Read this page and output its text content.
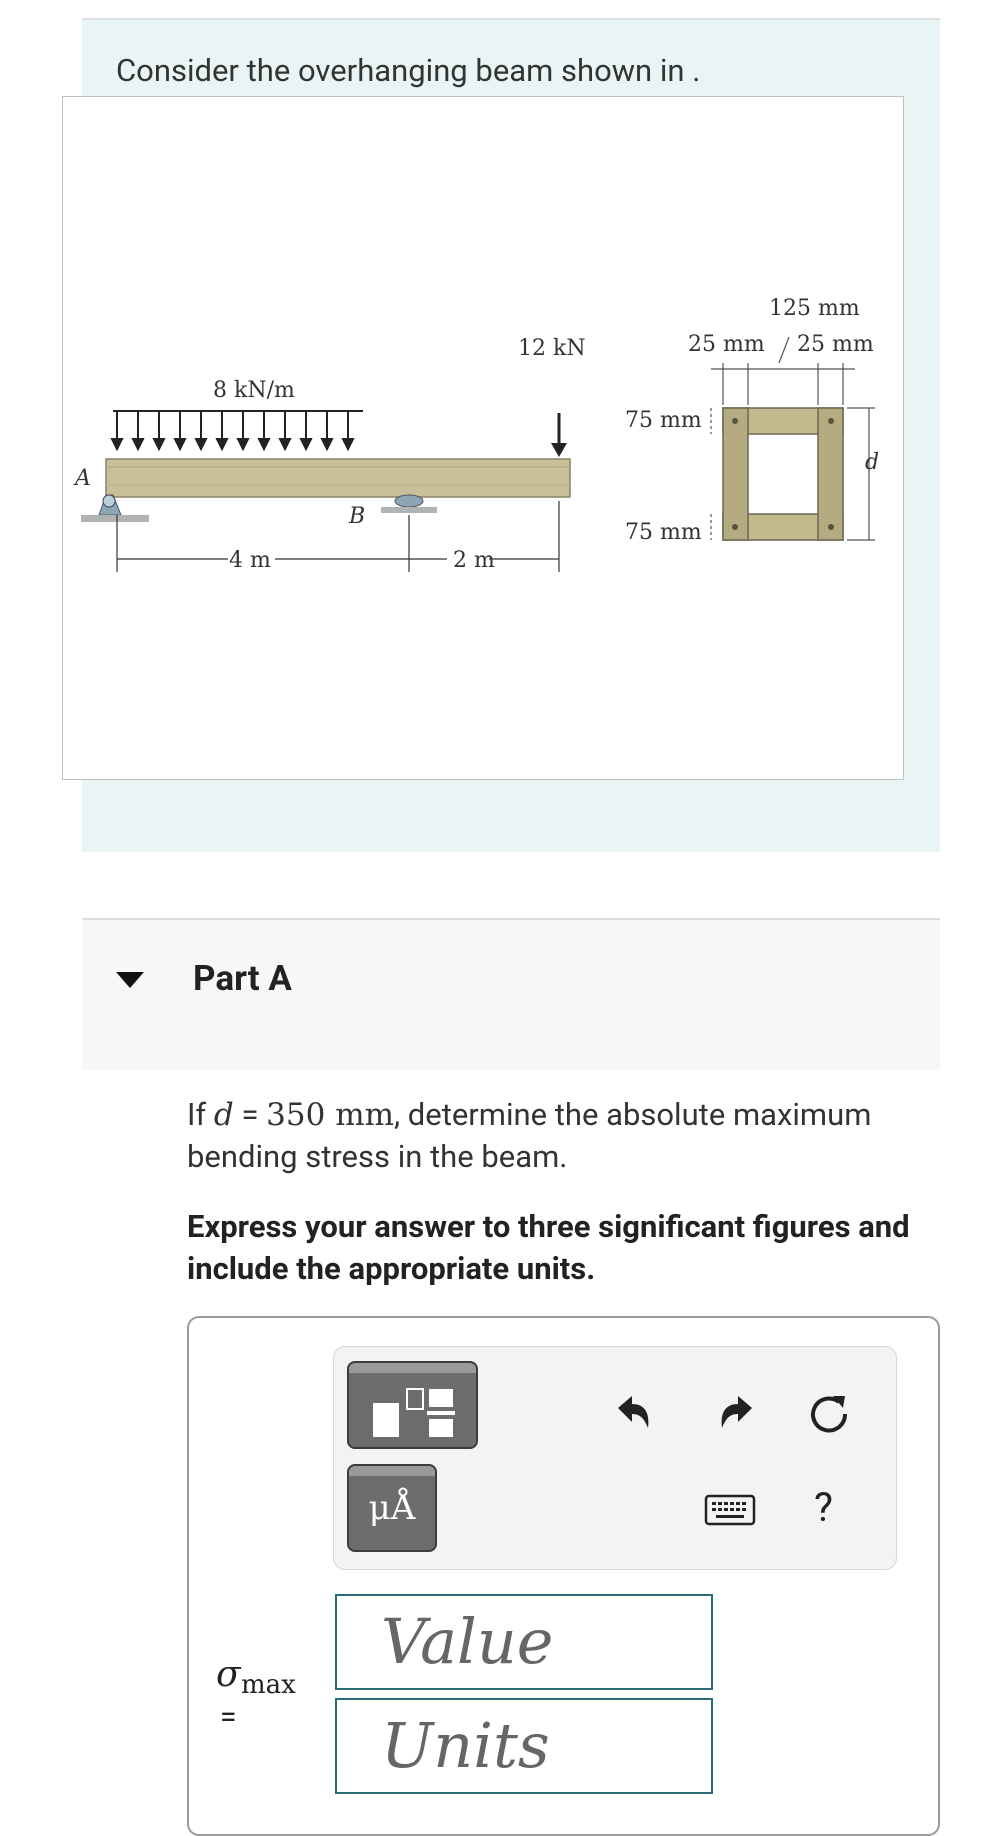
Consider the overhanging beam shown in .
8 kN/m
12 kN
A
B
4 m	2 m
125 mm
25 mm 25 mm
75 mm
75 mm
d
Part A
If d = 350 mm, determine the absolute maximum bending stress in the beam.
Express your answer to three significant figures and include the appropriate units.
μÅ	?
σ max
=
Value
Units
